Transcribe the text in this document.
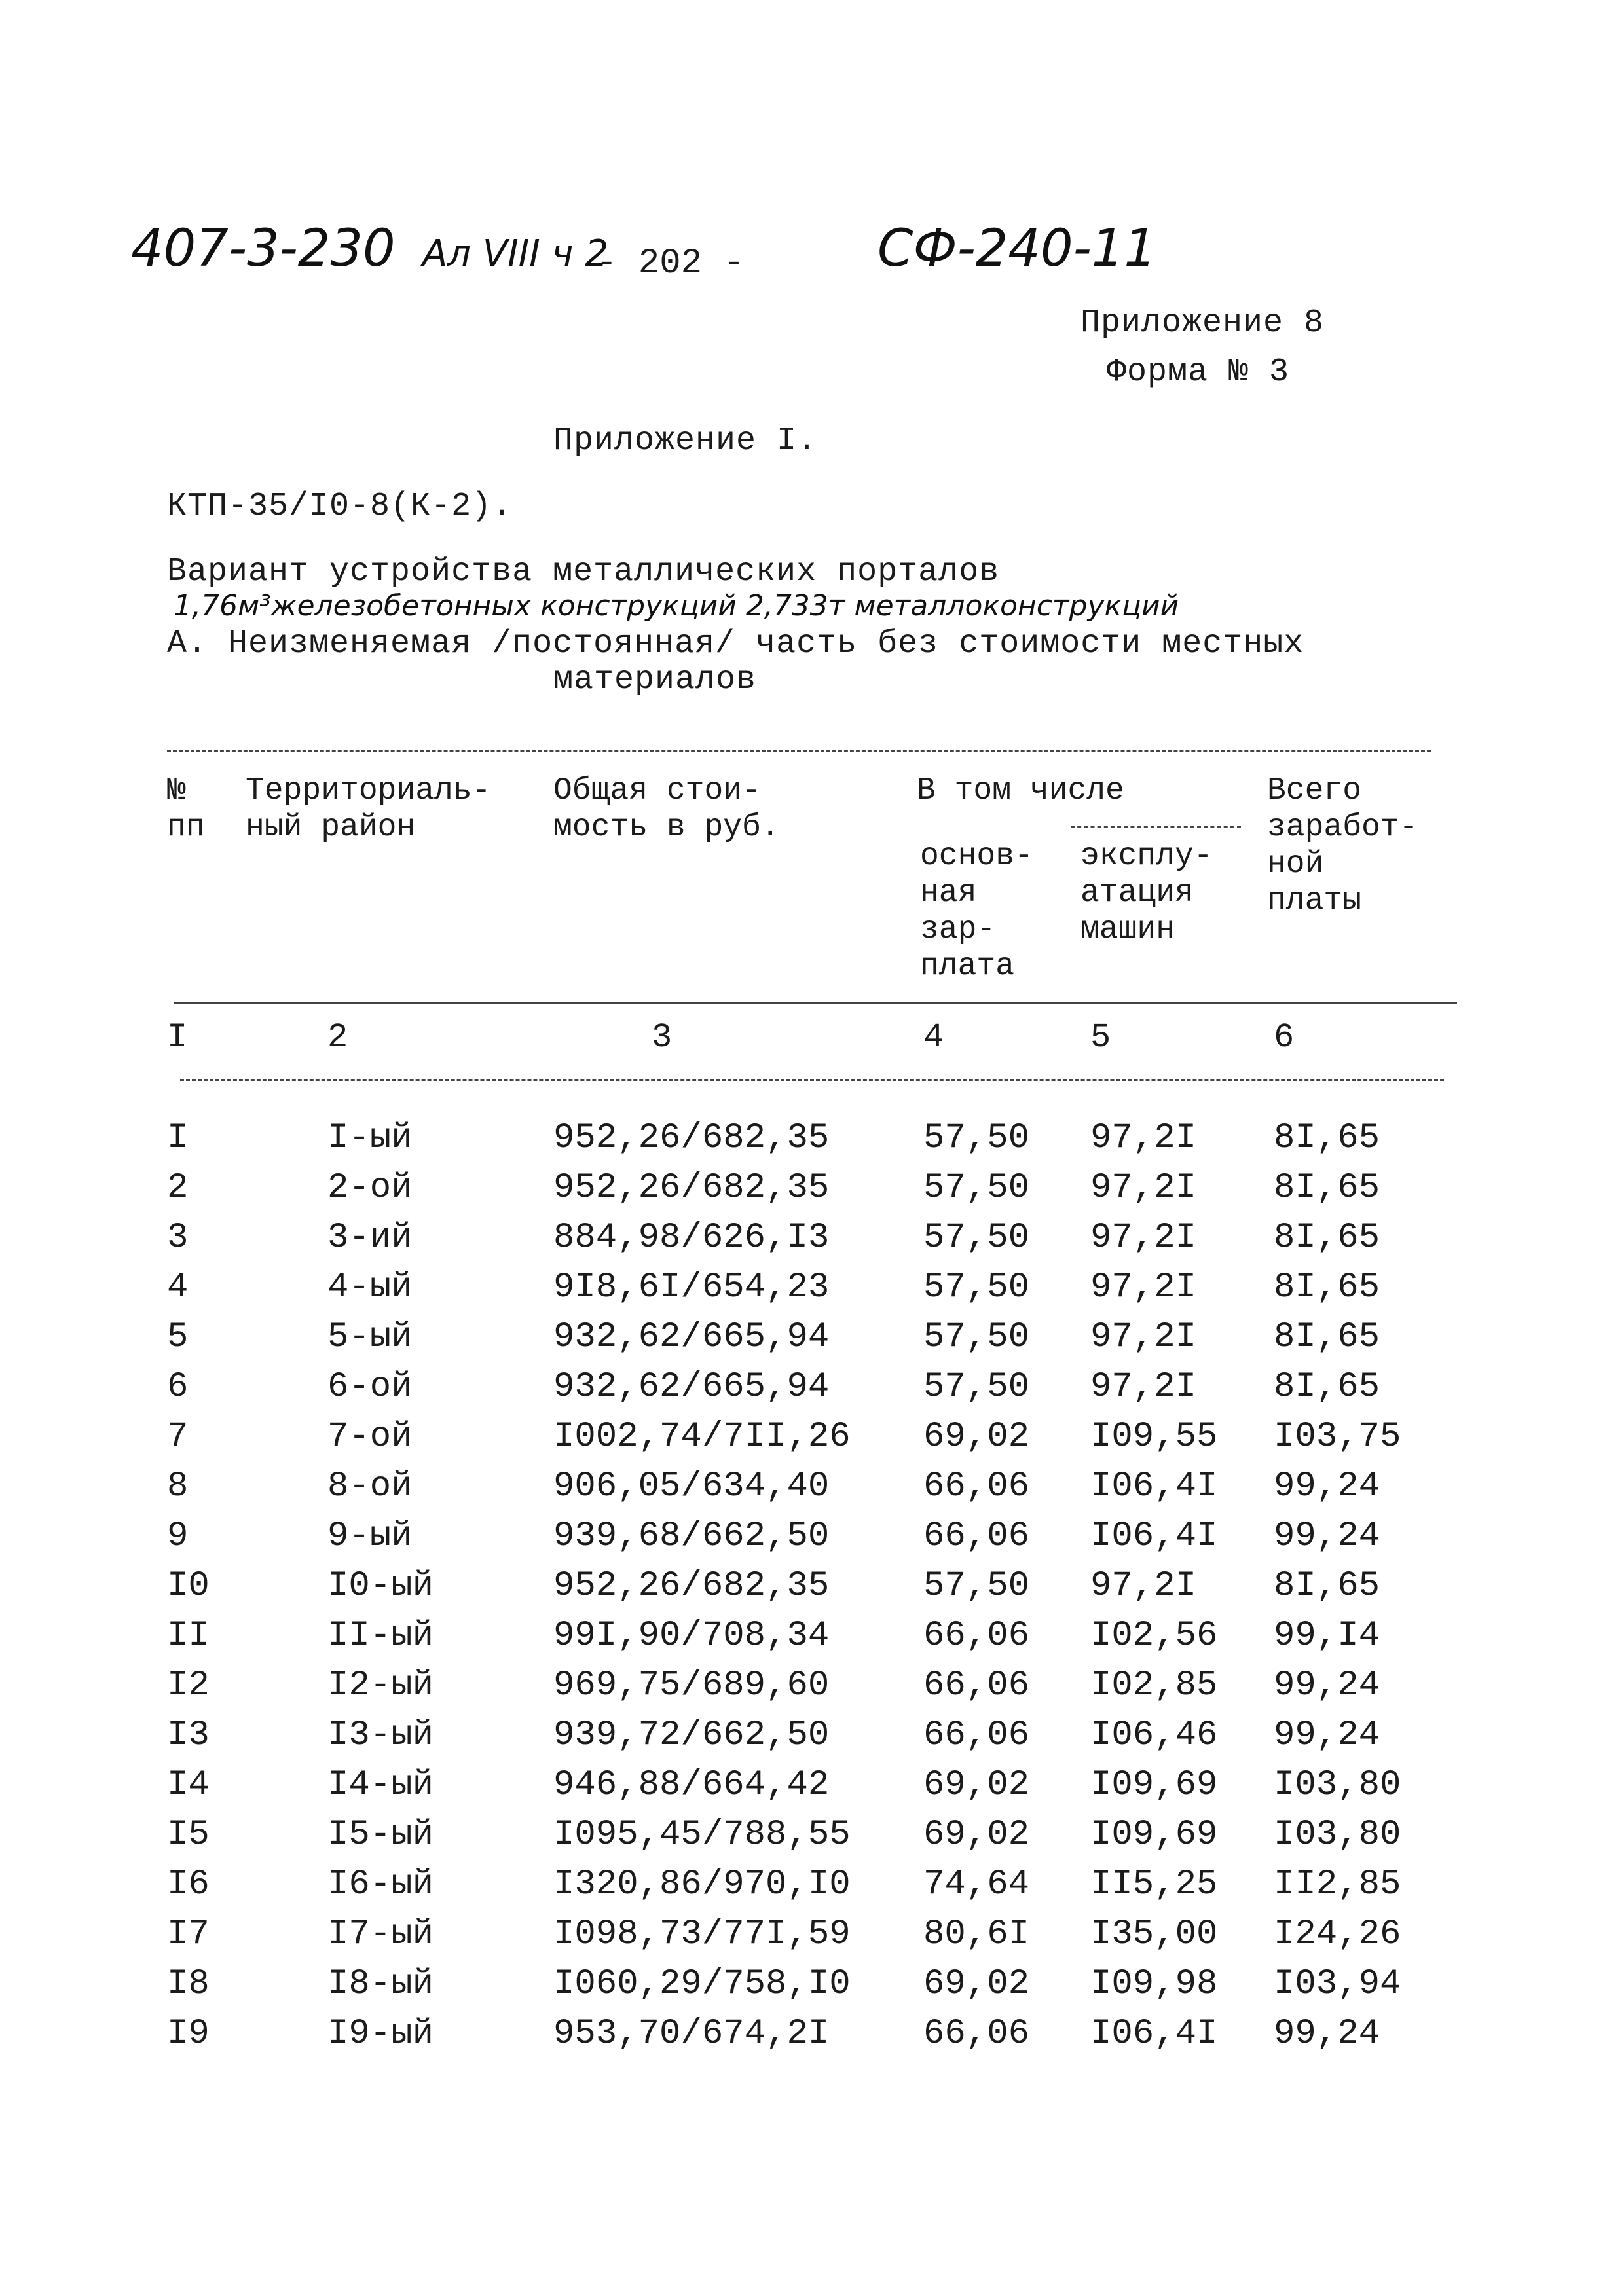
407-3-230 Ал VIII ч 2
- 202 -	СФ-240-11
Приложение 8
Форма № 3
Приложение I.
КТП-35/I0-8(К-2).
Вариант устройства металлических порталов
1,76м³железобетонных конструкций 2,733т металлоконструкций
А. Неизменяемая /постоянная/ часть без стоимости местных
материалов
№
пп
Территориаль-
ный район
Общая стои-
мость в руб.
В том числе
основ-
ная
зар-
плата
эксплу-
атация
машин
Всего
заработ-
ной
платы
I	2	3	4	5	6
I	I-ый	952,26/682,35	57,50 97,2I 8I,65
2	2-ой	952,26/682,35	57,50 97,2I 8I,65
3	3-ий	884,98/626,I3	57,50 97,2I 8I,65
4	4-ый	9I8,6I/654,23	57,50 97,2I 8I,65
5	5-ый	932,62/665,94	57,50 97,2I 8I,65
6	6-ой	932,62/665,94	57,50 97,2I 8I,65
7	7-ой	I002,74/7II,26 69,02 I09,55 I03,75
8	8-ой	906,05/634,40	66,06 I06,4I 99,24
9	9-ый	939,68/662,50	66,06 I06,4I 99,24
I0	I0-ый	952,26/682,35	57,50 97,2I 8I,65
II	II-ый	99I,90/708,34	66,06 I02,56 99,I4
I2	I2-ый	969,75/689,60	66,06 I02,85 99,24
I3	I3-ый	939,72/662,50	66,06 I06,46 99,24
I4	I4-ый	946,88/664,42	69,02 I09,69 I03,80
I5	I5-ый	I095,45/788,55 69,02 I09,69 I03,80
I6	I6-ый	I320,86/970,I0 74,64 II5,25 II2,85
I7	I7-ый	I098,73/77I,59 80,6I I35,00 I24,26
I8	I8-ый	I060,29/758,I0 69,02 I09,98 I03,94
I9	I9-ый	953,70/674,2I	66,06 I06,4I 99,24
